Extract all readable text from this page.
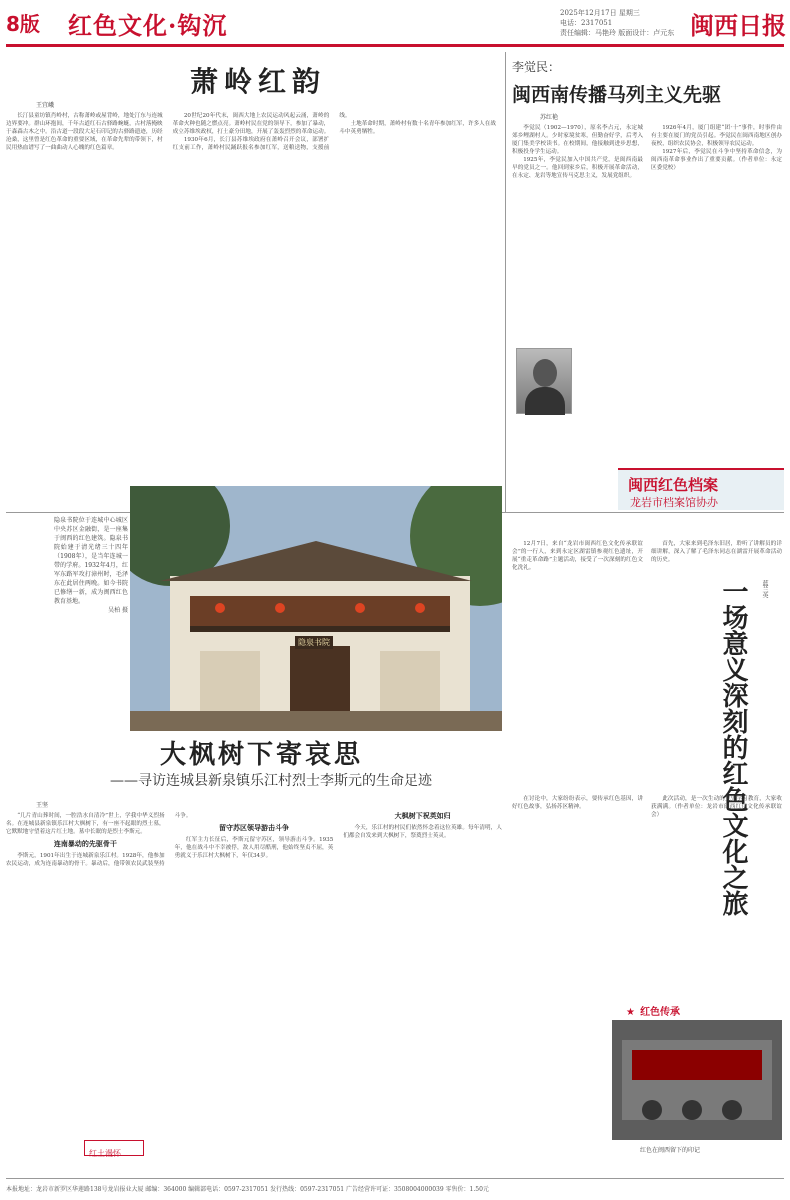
8版 红色文化·钩沉	2025年12月17日 星期三
电话：2317051
责任编辑：马艳玲 版面设计：卢元东 闽西日报
萧岭红韵
王宜峨

长汀县童坊镇肖岭村，古称萧岭或屋背岭，地处汀东与连城边界要冲。群山环抱间，千年古道红石古驿路蜿蜒，古村落掩映于森森古木之中。沿古道一段段大足石印记的古驿路遗迹，历经沧桑，这里曾是红色革命的重要区域，在革命先辈的带领下，村民用热血谱写了一曲曲动人心魄的红色篇章。

20世纪20年代末，闽西大地上农民运动风起云涌，萧岭的革命火种也随之燃点亮。萧岭村民在党的领导下，参加了暴动，成立苏维埃政权，打土豪分田地，开展了轰轰烈烈的革命运动。

1930年6月，长汀县苏维埃政府在萧岭召开会议，部署扩红支前工作，萧岭村民踊跃报名参加红军，送粮送物，支援前线。

土地革命时期，萧岭村有数十名青年参加红军，许多人在战斗中英勇牺牲。

李觉民：
闽西南传播马列主义先驱
苏红艳

李觉民（1902—1970），原名李占元，永定城郊乡鲤湖村人。少时家境贫寒，但勤奋好学，后考入厦门集美学校读书。在校期间，他接触到进步思想，积极投身学生运动。

1925年，李觉民加入中国共产党，是闽西南最早的党员之一。他回到家乡后，积极开展革命活动，在永定、龙岩等地宣传马克思主义，发展党组织。

1926年4月，厦门组建“团·十”事件，时事件由有主要在厦门的党员引起。李觉民在闽西南地区创办夜校，组织农民协会，积极领导农民运动。

1927年后，李觉民在斗争中坚持革命信念，为闽西南革命事业作出了重要贡献。（作者单位：永定区委党校）

闽西红色档案
龙岩市档案馆协办
隐泉书院
隐泉书院位于连城中心城区中央苏区金融街，是一座集于闽西的红色建筑。隐泉书院始建于清光绪三十四年（1908年），是当年连城一带的学府。1932年4月，红军东路军攻打漳州时，毛泽东在此居住两晚。如今书院已修缮一新，成为闽西红色教育基地。
吴柏 摄
大枫树下寄哀思
——寻访连城县新泉镇乐江村烈士李斯元的生命足迹
王坚

“几片青山葬时间，一腔浩水自清冷”世上，学我中华义烈扬名。在连城县新泉镇乐江村大枫树下，有一座不起眼的烈士墓，它默默地守望着这片红土地。墓中长眠的是烈士李斯元。

连南暴动的先驱骨干

李斯元，1901年出生于连城新泉乐江村。1928年，他参加农民运动，成为连南暴动的骨干。暴动后，他带领农民武装坚持斗争。

留守苏区领导游击斗争

红军主力长征后，李斯元留守苏区，领导游击斗争。1935年，他在战斗中不幸被俘，敌人用尽酷刑，他始终坚贞不屈，英勇就义于乐江村大枫树下，年仅34岁。

大枫树下祝英如归

今天，乐江村的村民们依然怀念着这位英雄。每年清明，人们都会自发来到大枫树下，祭奠烈士英灵。

红土漫怀

12月7日，来自“龙岩市闽西红色文化传承联谊会”的一行人，来到永定区湖雷镇参观红色遗址，开展“重走革命路”主题活动，接受了一次深刻的红色文化洗礼。

首先，大家来到毛泽东旧居，聆听了讲解员的详细讲解，深入了解了毛泽东同志在湖雷开展革命活动的历史。

一场意义深刻的红色文化之旅 蓝兰英

在讨论中，大家纷纷表示，要传承红色基因，讲好红色故事，弘扬苏区精神。

此次活动，是一次生动的党史学习教育，大家收获满满。（作者单位：龙岩市闽西红色文化传承联谊会）

★ 红色传承
红色在闽西留下的印记
本报地址：龙岩市新罗区华莲路138号龙岩报业大厦 邮编：364000 编辑部电话：0597-2317051 发行热线：0597-2317051 广告经营许可证：3508004000039 零售价：1.50元
